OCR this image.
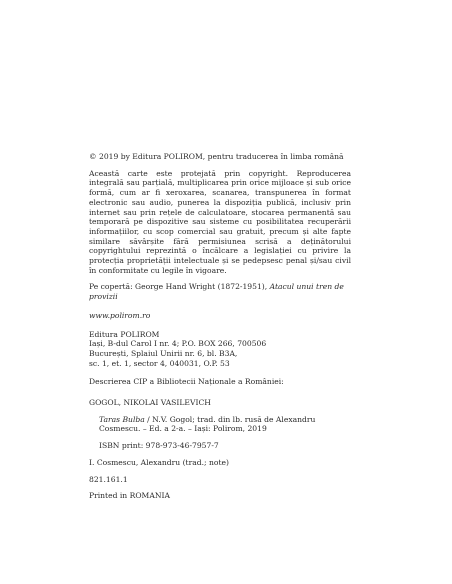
© 2019 by Editura POLIROM, pentru traducerea în limba română

Această carte este protejată prin copyright. Reproducerea integrală sau parțială, multiplicarea prin orice mijloace și sub orice formă, cum ar fi xeroxarea, scanarea, transpunerea în format electronic sau audio, punerea la dispoziția publică, inclusiv prin internet sau prin rețele de calculatoare, stocarea permanentă sau temporară pe dispozitive sau sisteme cu posibilitatea recuperării informațiilor, cu scop comercial sau gratuit, precum și alte fapte similare săvârșite fără permisiunea scrisă a deținătorului copyrightului reprezintă o încălcare a legislației cu privire la protecția proprietății intelectuale și se pedepsesc penal și/sau civil în conformitate cu legile în vigoare.

Pe copertă: George Hand Wright (1872-1951), Atacul unui tren de provizii

www.polirom.ro

Editura POLIROM
Iași, B-dul Carol I nr. 4; P.O. BOX 266, 700506
București, Splaiul Unirii nr. 6, bl. B3A,
sc. 1, et. 1, sector 4, 040031, O.P. 53

Descrierea CIP a Bibliotecii Naționale a României:

GOGOL, NIKOLAI VASILEVICH

Taras Bulba / N.V. Gogol; trad. din lb. rusă de Alexandru Cosmescu. – Ed. a 2-a. – Iași: Polirom, 2019

ISBN print: 978-973-46-7957-7

I. Cosmescu, Alexandru (trad.; note)

821.161.1

Printed in ROMANIA
